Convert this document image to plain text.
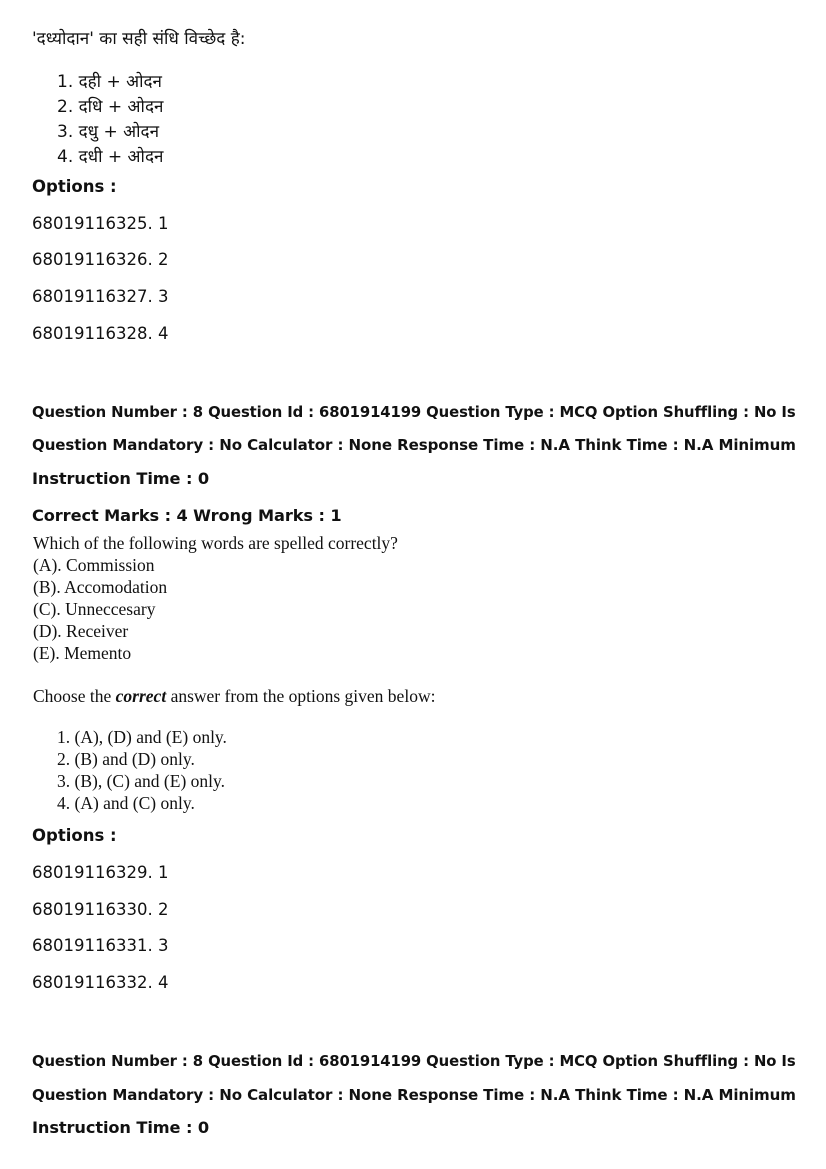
'दध्योदान' का सही संधि विच्छेद है:
1. दही + ओदन
2. दधि + ओदन
3. दधु + ओदन
4. दधी + ओदन
Options :
68019116325. 1
68019116326. 2
68019116327. 3
68019116328. 4
Question Number : 8 Question Id : 6801914199 Question Type : MCQ Option Shuffling : No Is
Question Mandatory : No Calculator : None Response Time : N.A Think Time : N.A Minimum
Instruction Time : 0
Correct Marks : 4 Wrong Marks : 1
Which of the following words are spelled correctly?
(A). Commission
(B). Accomodation
(C). Unneccesary
(D). Receiver
(E). Memento
Choose the correct answer from the options given below:
1. (A), (D) and (E) only.
2. (B) and (D) only.
3. (B), (C) and (E) only.
4. (A) and (C) only.
Options :
68019116329. 1
68019116330. 2
68019116331. 3
68019116332. 4
Question Number : 8 Question Id : 6801914199 Question Type : MCQ Option Shuffling : No Is
Question Mandatory : No Calculator : None Response Time : N.A Think Time : N.A Minimum
Instruction Time : 0
